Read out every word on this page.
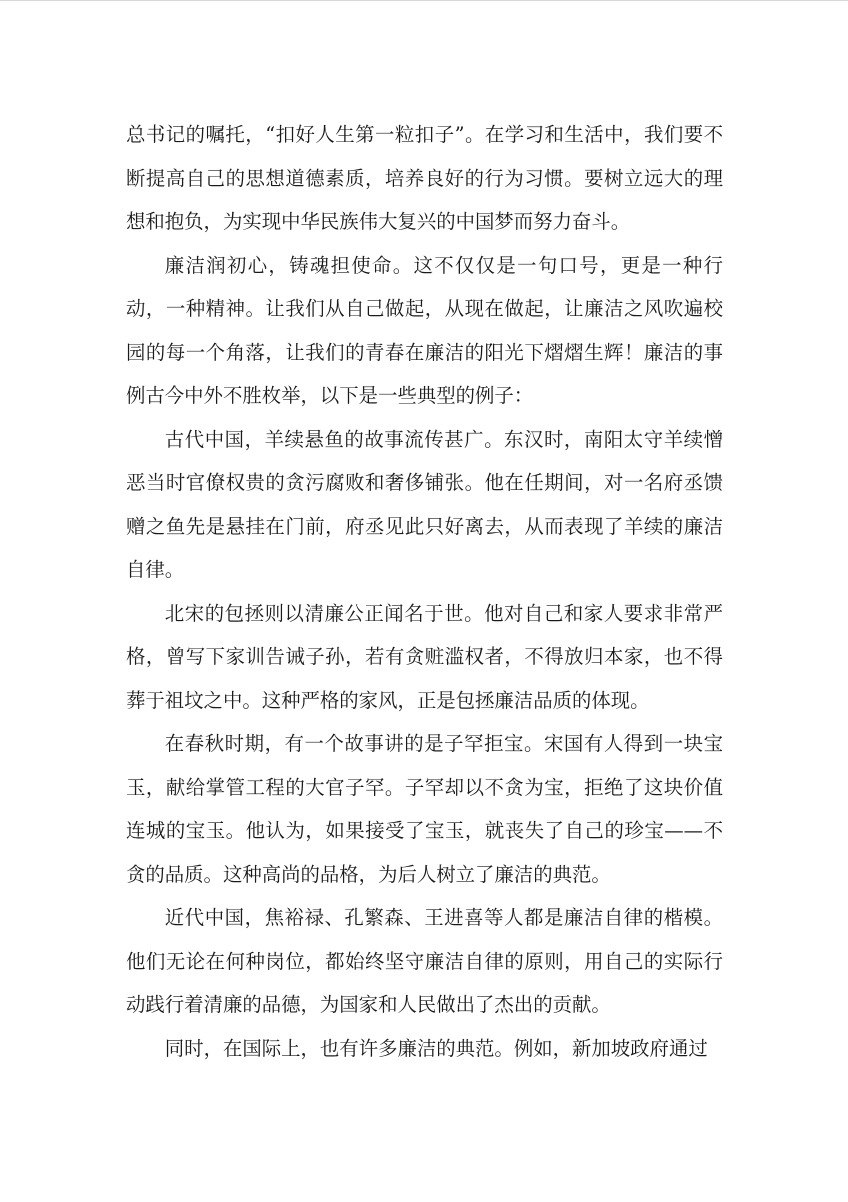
总书记的嘱托，“扣好人生第一粒扣子”。在学习和生活中，我们要不断提高自己的思想道德素质，培养良好的行为习惯。要树立远大的理想和抱负，为实现中华民族伟大复兴的中国梦而努力奋斗。

廉洁润初心，铸魂担使命。这不仅仅是一句口号，更是一种行动，一种精神。让我们从自己做起，从现在做起，让廉洁之风吹遍校园的每一个角落，让我们的青春在廉洁的阳光下熠熠生辉！廉洁的事例古今中外不胜枚举，以下是一些典型的例子：

古代中国，羊续悬鱼的故事流传甚广。东汉时，南阳太守羊续憎恶当时官僚权贵的贪污腐败和奢侈铺张。他在任期间，对一名府丞馈赠之鱼先是悬挂在门前，府丞见此只好离去，从而表现了羊续的廉洁自律。

北宋的包拯则以清廉公正闻名于世。他对自己和家人要求非常严格，曾写下家训告诫子孙，若有贪赃滥权者，不得放归本家，也不得葬于祖坟之中。这种严格的家风，正是包拯廉洁品质的体现。

在春秋时期，有一个故事讲的是子罕拒宝。宋国有人得到一块宝玉，献给掌管工程的大官子罕。子罕却以不贪为宝，拒绝了这块价值连城的宝玉。他认为，如果接受了宝玉，就丧失了自己的珍宝——不贪的品质。这种高尚的品格，为后人树立了廉洁的典范。

近代中国，焦裕禄、孔繁森、王进喜等人都是廉洁自律的楷模。他们无论在何种岗位，都始终坚守廉洁自律的原则，用自己的实际行动践行着清廉的品德，为国家和人民做出了杰出的贡献。

同时，在国际上，也有许多廉洁的典范。例如，新加坡政府通过
